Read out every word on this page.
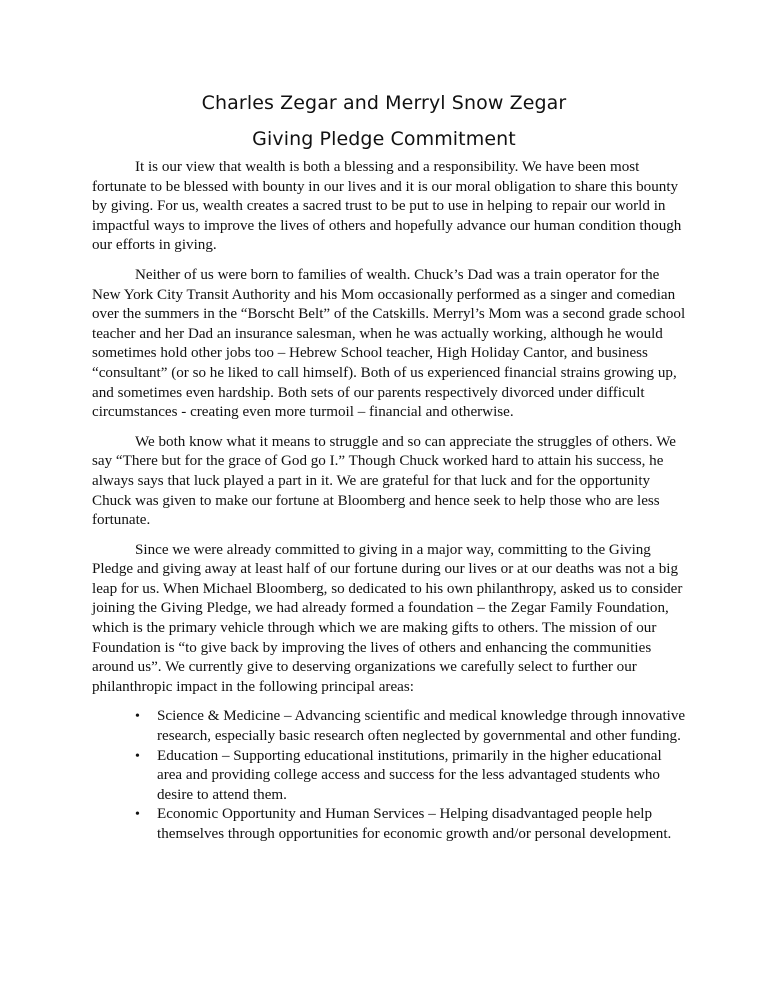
Charles Zegar and Merryl Snow Zegar
Giving Pledge Commitment

It is our view that wealth is both a blessing and a responsibility. We have been most fortunate to be blessed with bounty in our lives and it is our moral obligation to share this bounty by giving. For us, wealth creates a sacred trust to be put to use in helping to repair our world in impactful ways to improve the lives of others and hopefully advance our human condition though our efforts in giving.

Neither of us were born to families of wealth. Chuck’s Dad was a train operator for the New York City Transit Authority and his Mom occasionally performed as a singer and comedian over the summers in the “Borscht Belt” of the Catskills. Merryl’s Mom was a second grade school teacher and her Dad an insurance salesman, when he was actually working, although he would sometimes hold other jobs too – Hebrew School teacher, High Holiday Cantor, and business “consultant” (or so he liked to call himself). Both of us experienced financial strains growing up, and sometimes even hardship. Both sets of our parents respectively divorced under difficult circumstances - creating even more turmoil – financial and otherwise.

We both know what it means to struggle and so can appreciate the struggles of others. We say “There but for the grace of God go I.” Though Chuck worked hard to attain his success, he always says that luck played a part in it. We are grateful for that luck and for the opportunity Chuck was given to make our fortune at Bloomberg and hence seek to help those who are less fortunate.

Since we were already committed to giving in a major way, committing to the Giving Pledge and giving away at least half of our fortune during our lives or at our deaths was not a big leap for us. When Michael Bloomberg, so dedicated to his own philanthropy, asked us to consider joining the Giving Pledge, we had already formed a foundation – the Zegar Family Foundation, which is the primary vehicle through which we are making gifts to others. The mission of our Foundation is “to give back by improving the lives of others and enhancing the communities around us”. We currently give to deserving organizations we carefully select to further our philanthropic impact in the following principal areas:

• Science & Medicine – Advancing scientific and medical knowledge through innovative research, especially basic research often neglected by governmental and other funding.
• Education – Supporting educational institutions, primarily in the higher educational area and providing college access and success for the less advantaged students who desire to attend them.
• Economic Opportunity and Human Services – Helping disadvantaged people help themselves through opportunities for economic growth and/or personal development.
